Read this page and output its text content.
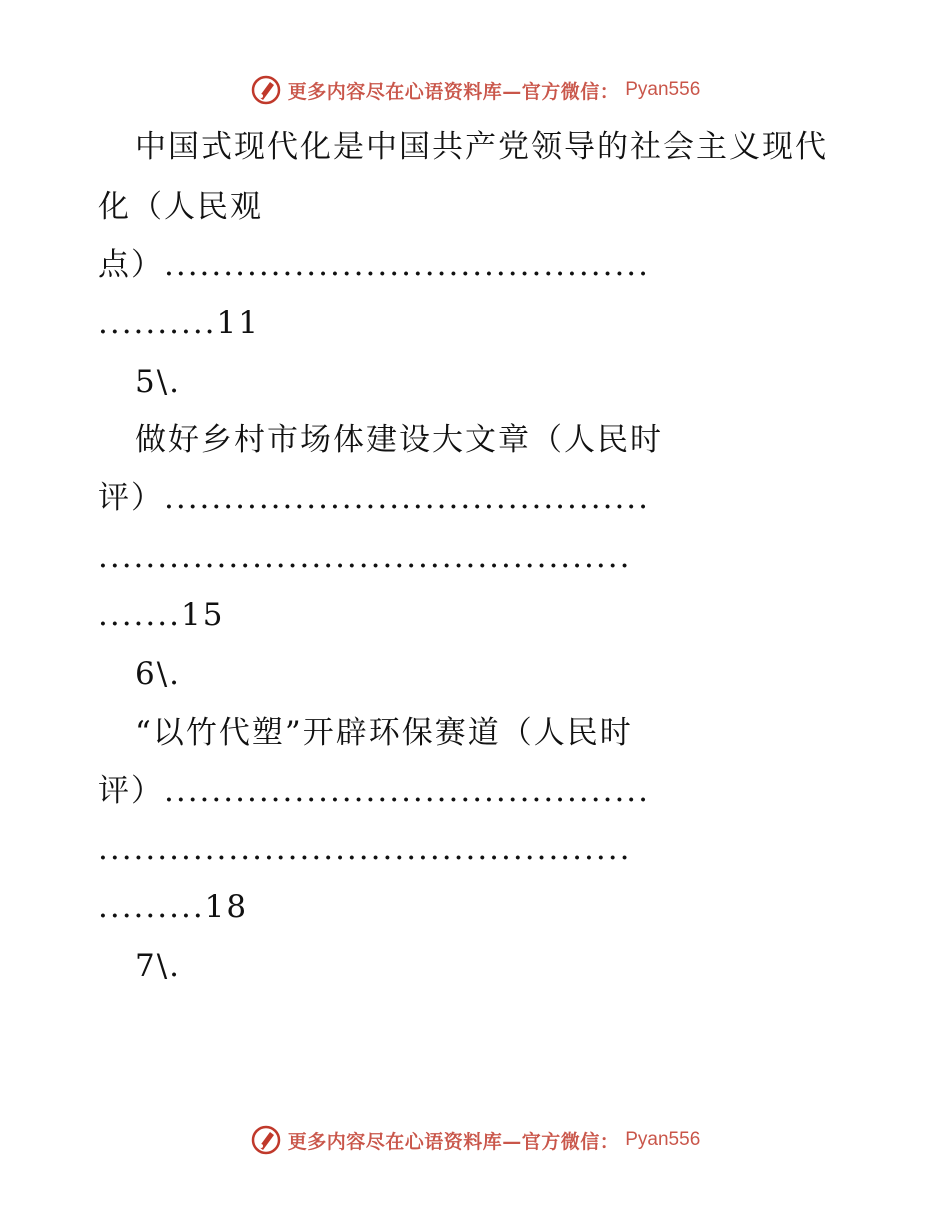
更多内容尽在心语资料库—官方微信： Pyan556
中国式现代化是中国共产党领导的社会主义现代
化（人民观
点）.........................................
..........11
5\.
做好乡村市场体建设大文章（人民时
评）.........................................
.............................................
.......15
6\.
“以竹代塑”开辟环保赛道（人民时
评）.........................................
.............................................
.........18
7\.
更多内容尽在心语资料库—官方微信： Pyan556
